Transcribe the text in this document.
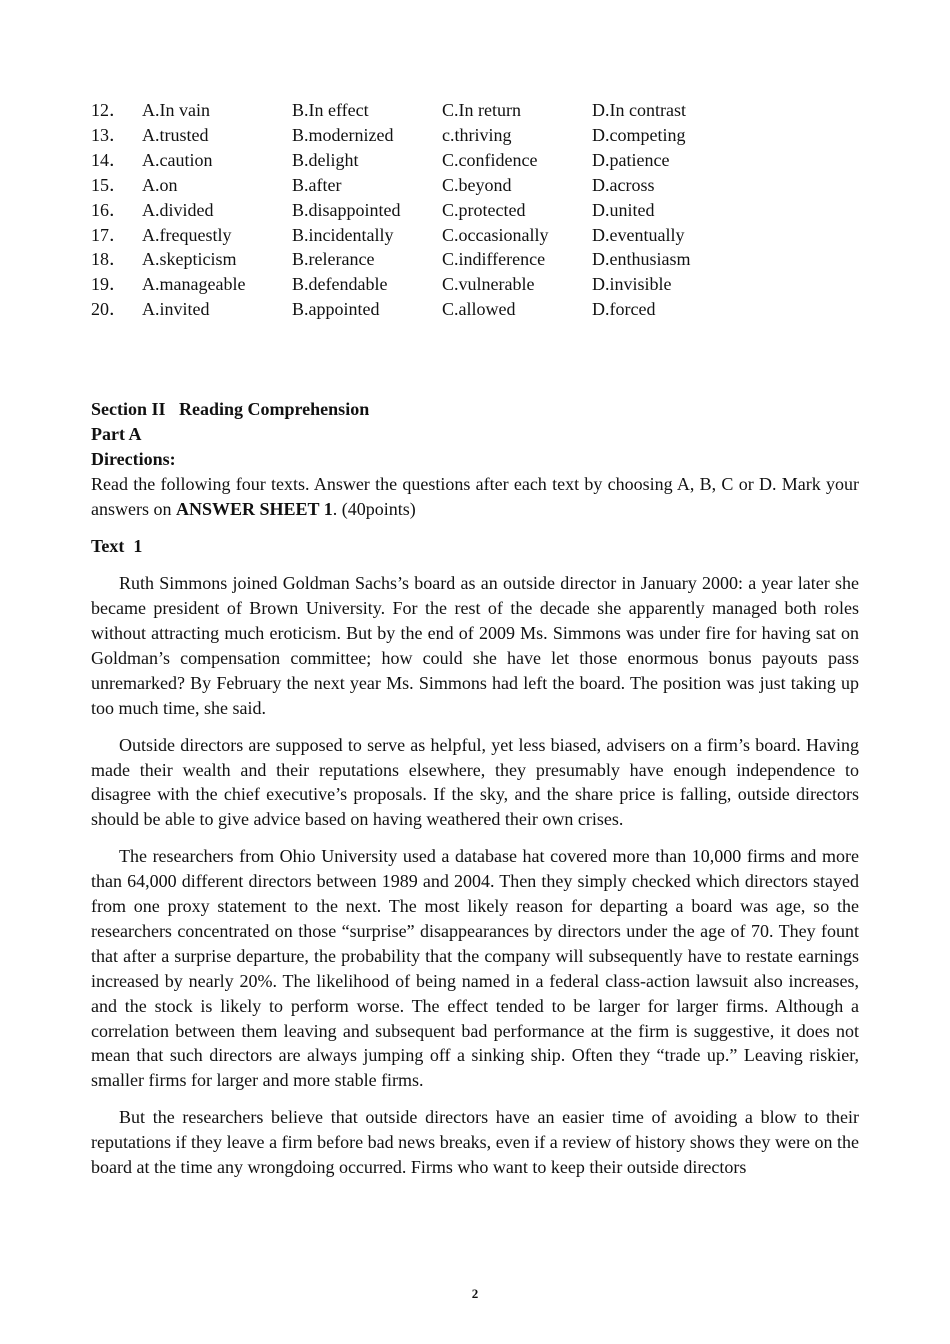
12．	A.In vain	B.In effect	C.In return	D.In contrast
13．	A.trusted	B.modernized	c.thriving	D.competing
14．	A.caution	B.delight	C.confidence	D.patience
15．	A.on	B.after	C.beyond	D.across
16．	A.divided	B.disappointed	C.protected	D.united
17．	A.frequestly	B.incidentally	C.occasionally	D.eventually
18．	A.skepticism	B.relerance	C.indifference	D.enthusiasm
19．	A.manageable	B.defendable	C.vulnerable	D.invisible
20．	A.invited	B.appointed	C.allowed	D.forced
Section II   Reading Comprehension
Part A
Directions:

Read the following four texts. Answer the questions after each text by choosing A, B, C or D. Mark your answers on ANSWER SHEET 1. (40points)

Text  1

Ruth Simmons joined Goldman Sachs’s board as an outside director in January 2000: a year later she became president of Brown University. For the rest of the decade she apparently managed both roles without attracting much eroticism. But by the end of 2009 Ms. Simmons was under fire for having sat on Goldman’s compensation committee; how could she have let those enormous bonus payouts pass unremarked? By February the next year Ms. Simmons had left the board. The position was just taking up too much time, she said.

Outside directors are supposed to serve as helpful, yet less biased, advisers on a firm’s board. Having made their wealth and their reputations elsewhere, they presumably have enough independence to disagree with the chief executive’s proposals. If the sky, and the share price is falling, outside directors should be able to give advice based on having weathered their own crises.

The researchers from Ohio University used a database hat covered more than 10,000 firms and more than 64,000 different directors between 1989 and 2004. Then they simply checked which directors stayed from one proxy statement to the next. The most likely reason for departing a board was age, so the researchers concentrated on those “surprise” disappearances by directors under the age of 70. They fount that after a surprise departure, the probability that the company will subsequently have to restate earnings increased by nearly 20%. The likelihood of being named in a federal class-action lawsuit also increases, and the stock is likely to perform worse. The effect tended to be larger for larger firms. Although a correlation between them leaving and subsequent bad performance at the firm is suggestive, it does not mean that such directors are always jumping off a sinking ship. Often they “trade up.” Leaving riskier, smaller firms for larger and more stable firms.

But the researchers believe that outside directors have an easier time of avoiding a blow to their reputations if they leave a firm before bad news breaks, even if a review of history shows they were on the board at the time any wrongdoing occurred. Firms who want to keep their outside directors

2
